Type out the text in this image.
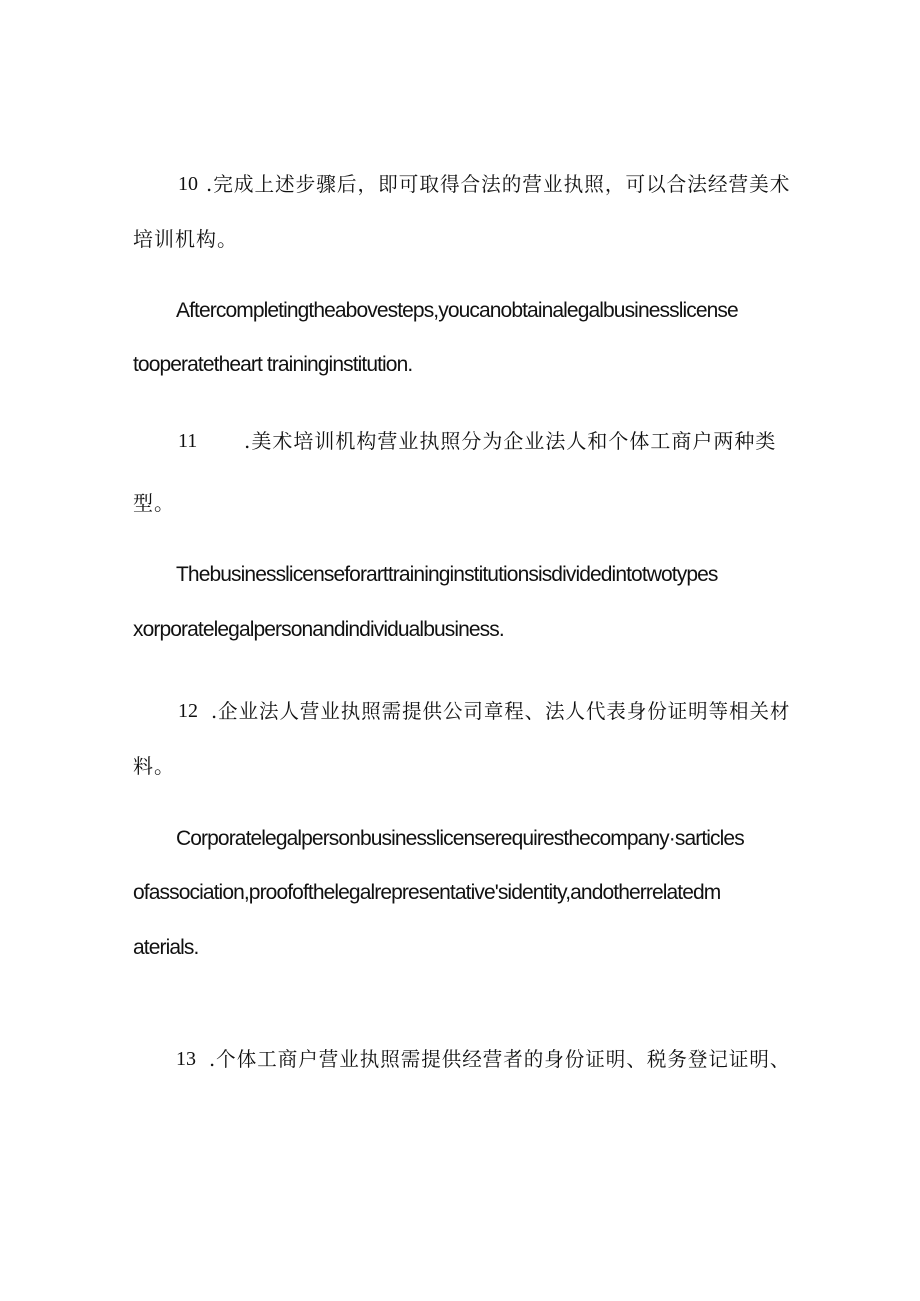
10 .完成上述步骤后，即可取得合法的营业执照，可以合法经营美术
培训机构。
Aftercompletingtheabovesteps,youcanobtainalegalbusinesslicense
tooperatetheart traininginstitution.
11 .美术培训机构营业执照分为企业法人和个体工商户两种类
型。
Thebusinesslicenseforarttraininginstitutionsisdividedintotwotypes
xorporatelegalpersonandindividualbusiness.
12 .企业法人营业执照需提供公司章程、法人代表身份证明等相关材
料。
Corporatelegalpersonbusinesslicenserequiresthecompany·sarticles
ofassociation,proofofthelegalrepresentative'sidentity,andotherrelatedm
aterials.
13 .个体工商户营业执照需提供经营者的身份证明、税务登记证明、
